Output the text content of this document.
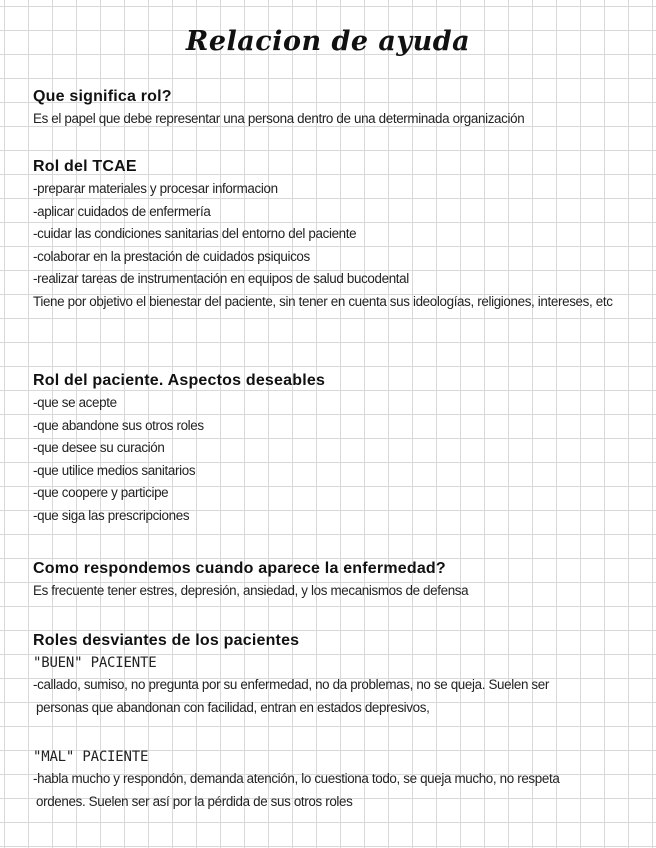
Relacion de ayuda
Que significa rol?
Es el papel que debe representar una persona dentro de una determinada organización
Rol del TCAE
-preparar materiales y procesar informacion
-aplicar cuidados de enfermería
-cuidar las condiciones sanitarias del entorno del paciente
-colaborar en la prestación de cuidados psiquicos
-realizar tareas de instrumentación en equipos de salud bucodental
Tiene por objetivo el bienestar del paciente, sin tener en cuenta sus ideologías, religiones, intereses, etc
Rol del paciente. Aspectos deseables
-que se acepte
-que abandone sus otros roles
-que desee su curación
-que utilice medios sanitarios
-que coopere y participe
-que siga las prescripciones
Como respondemos cuando aparece la enfermedad?
Es frecuente tener estres, depresión, ansiedad, y los mecanismos de defensa
Roles desviantes de los pacientes
"BUEN" PACIENTE
-callado, sumiso, no pregunta por su enfermedad, no da problemas, no se queja. Suelen ser
personas que abandonan con facilidad, entran en estados depresivos,
"MAL" PACIENTE
-habla mucho y respondón, demanda atención, lo cuestiona todo, se queja mucho, no respeta
ordenes. Suelen ser así por la pérdida de sus otros roles
